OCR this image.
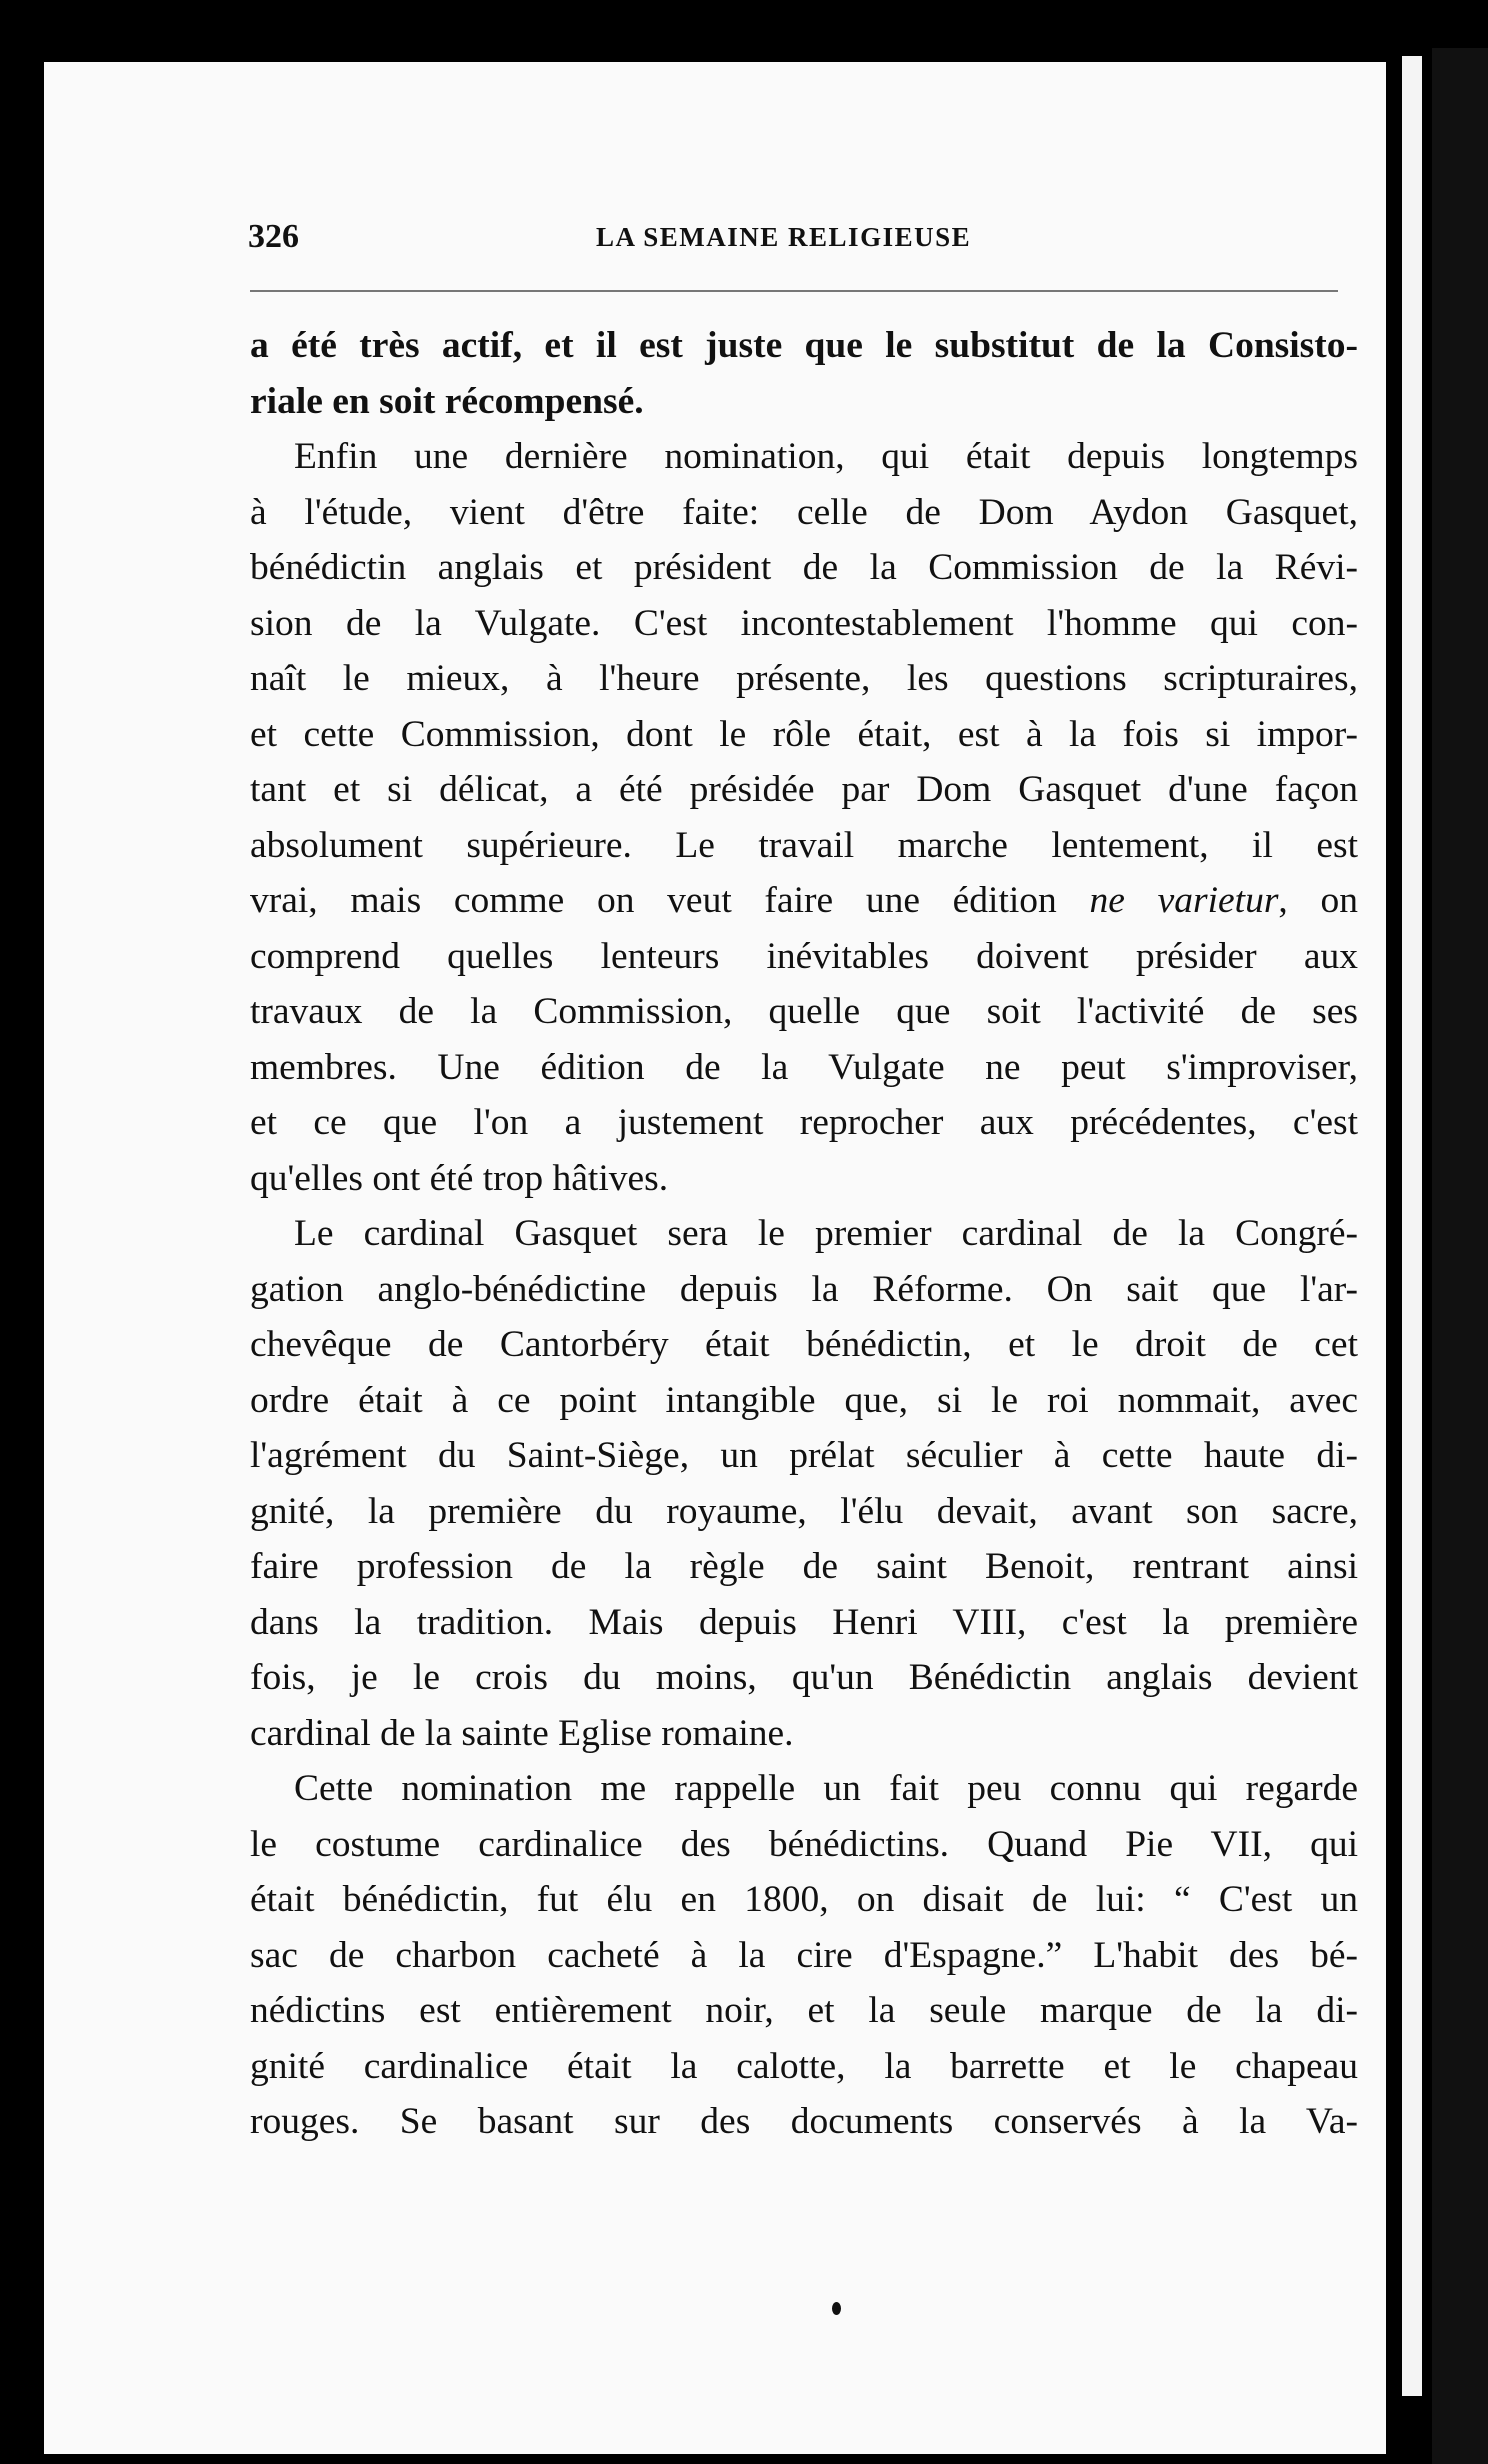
326	LA SEMAINE RELIGIEUSE
a été très actif, et il est juste que le substitut de la Consisto-
riale en soit récompensé.
Enfin une dernière nomination, qui était depuis longtemps
à l'étude, vient d'être faite: celle de Dom Aydon Gasquet,
bénédictin anglais et président de la Commission de la Révi-
sion de la Vulgate. C'est incontestablement l'homme qui con-
naît le mieux, à l'heure présente, les questions scripturaires,
et cette Commission, dont le rôle était, est à la fois si impor-
tant et si délicat, a été présidée par Dom Gasquet d'une façon
absolument supérieure. Le travail marche lentement, il est
vrai, mais comme on veut faire une édition ne varietur, on
comprend quelles lenteurs inévitables doivent présider aux
travaux de la Commission, quelle que soit l'activité de ses
membres. Une édition de la Vulgate ne peut s'improviser,
et ce que l'on a justement reprocher aux précédentes, c'est
qu'elles ont été trop hâtives.
Le cardinal Gasquet sera le premier cardinal de la Congré-
gation anglo-bénédictine depuis la Réforme. On sait que l'ar-
chevêque de Cantorbéry était bénédictin, et le droit de cet
ordre était à ce point intangible que, si le roi nommait, avec
l'agrément du Saint-Siège, un prélat séculier à cette haute di-
gnité, la première du royaume, l'élu devait, avant son sacre,
faire profession de la règle de saint Benoit, rentrant ainsi
dans la tradition. Mais depuis Henri VIII, c'est la première
fois, je le crois du moins, qu'un Bénédictin anglais devient
cardinal de la sainte Eglise romaine.
Cette nomination me rappelle un fait peu connu qui regarde
le costume cardinalice des bénédictins. Quand Pie VII, qui
était bénédictin, fut élu en 1800, on disait de lui: “ C'est un
sac de charbon cacheté à la cire d'Espagne.” L'habit des bé-
nédictins est entièrement noir, et la seule marque de la di-
gnité cardinalice était la calotte, la barrette et le chapeau
rouges. Se basant sur des documents conservés à la Va-
